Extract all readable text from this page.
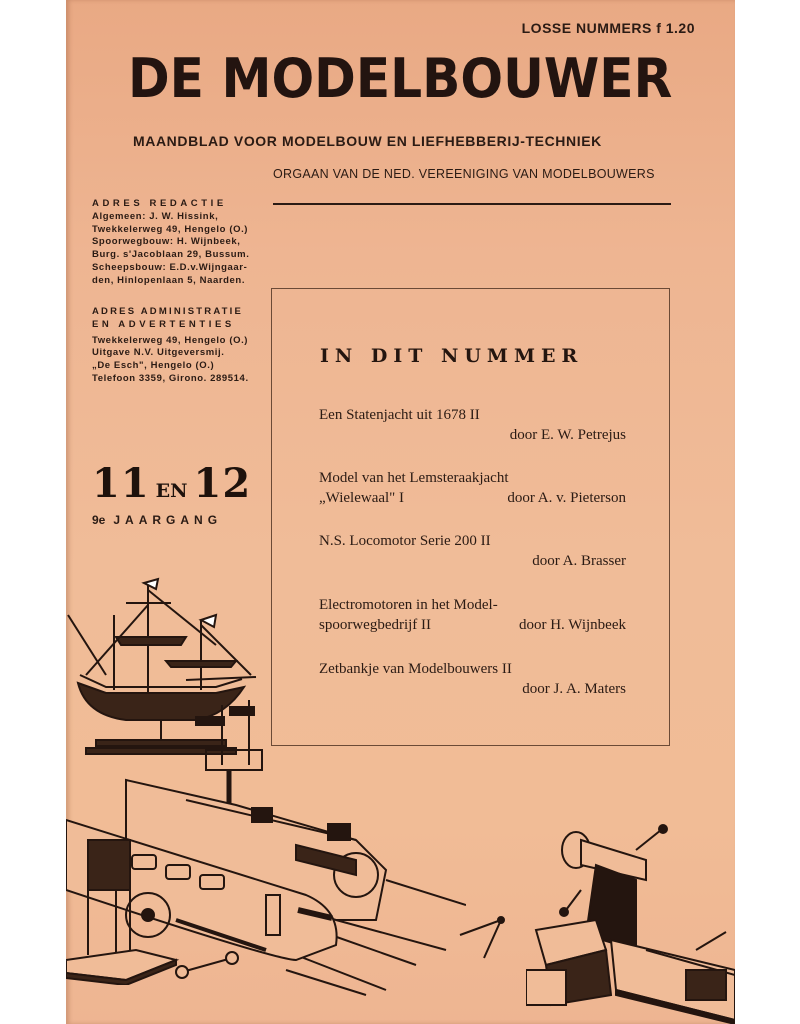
LOSSE NUMMERS f 1.20
DE MODELBOUWER
MAANDBLAD VOOR MODELBOUW EN LIEFHEBBERIJ-TECHNIEK
ORGAAN VAN DE NED. VEREENIGING VAN MODELBOUWERS
ADRES REDACTIE
Algemeen: J. W. Hissink,
Twekkelerweg 49, Hengelo (O.)
Spoorwegbouw: H. Wijnbeek,
Burg. s'Jacoblaan 29, Bussum.
Scheepsbouw: E.D.v.Wijngaar-
den, Hinlopenlaan 5, Naarden.
ADRES ADMINISTRATIE
EN ADVERTENTIES
Twekkelerweg 49, Hengelo (O.)
Uitgave N.V. Uitgeversmij.
„De Esch", Hengelo (O.)
Telefoon 3359, Girono. 289514.
11 EN 12
9e JAARGANG
IN DIT NUMMER
Een Statenjacht uit 1678 II
door E. W. Petrejus
Model van het Lemsteraakjacht
„Wielewaal" I	door A. v. Pieterson
N.S. Locomotor Serie 200 II
door A. Brasser
Electromotoren in het Model-
spoorwegbedrijf II	door H. Wijnbeek
Zetbankje van Modelbouwers II
door J. A. Maters
